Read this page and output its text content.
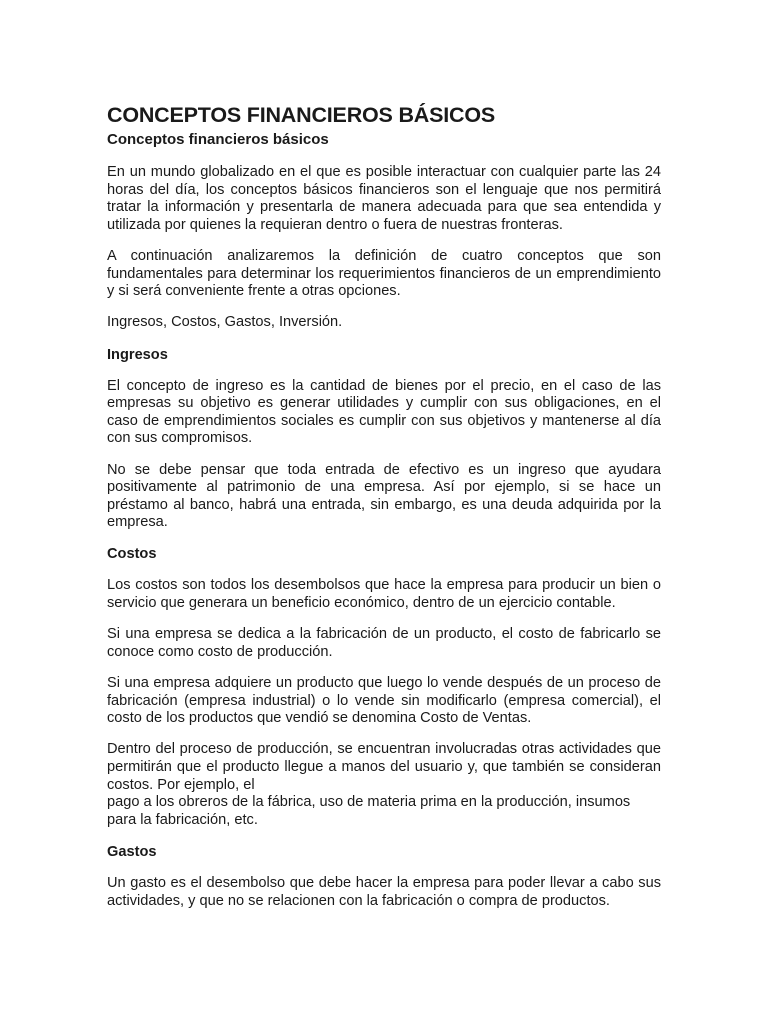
CONCEPTOS FINANCIEROS BÁSICOS
Conceptos financieros básicos

En un mundo globalizado en el que es posible interactuar con cualquier parte las 24 horas del día, los conceptos básicos financieros son el lenguaje que nos permitirá tratar la información y presentarla de manera adecuada para que sea entendida y utilizada por quienes la requieran dentro o fuera de nuestras fronteras.

A continuación analizaremos la definición de cuatro conceptos que son fundamentales para determinar los requerimientos financieros de un emprendimiento y si será conveniente frente a otras opciones.

Ingresos, Costos, Gastos, Inversión.

Ingresos

El concepto de ingreso es la cantidad de bienes por el precio, en el caso de las empresas su objetivo es generar utilidades y cumplir con sus obligaciones, en el caso de emprendimientos sociales es cumplir con sus objetivos y mantenerse al día con sus compromisos.

No se debe pensar que toda entrada de efectivo es un ingreso que ayudara positivamente al patrimonio de una empresa. Así por ejemplo, si se hace un préstamo al banco, habrá una entrada, sin embargo, es una deuda adquirida por la empresa.

Costos

Los costos son todos los desembolsos que hace la empresa para producir un bien o servicio que generara un beneficio económico, dentro de un ejercicio contable.

Si una empresa se dedica a la fabricación de un producto, el costo de fabricarlo se conoce como costo de producción.

Si una empresa adquiere un producto que luego lo vende después de un proceso de fabricación (empresa industrial) o lo vende sin modificarlo (empresa comercial), el costo de los productos que vendió se denomina Costo de Ventas.

Dentro del proceso de producción, se encuentran involucradas otras actividades que permitirán que el producto llegue a manos del usuario y, que también se consideran costos. Por ejemplo, el
pago a los obreros de la fábrica, uso de materia prima en la producción, insumos para la fabricación, etc.

Gastos

Un gasto es el desembolso que debe hacer la empresa para poder llevar a cabo sus actividades, y que no se relacionen con la fabricación o compra de productos.
